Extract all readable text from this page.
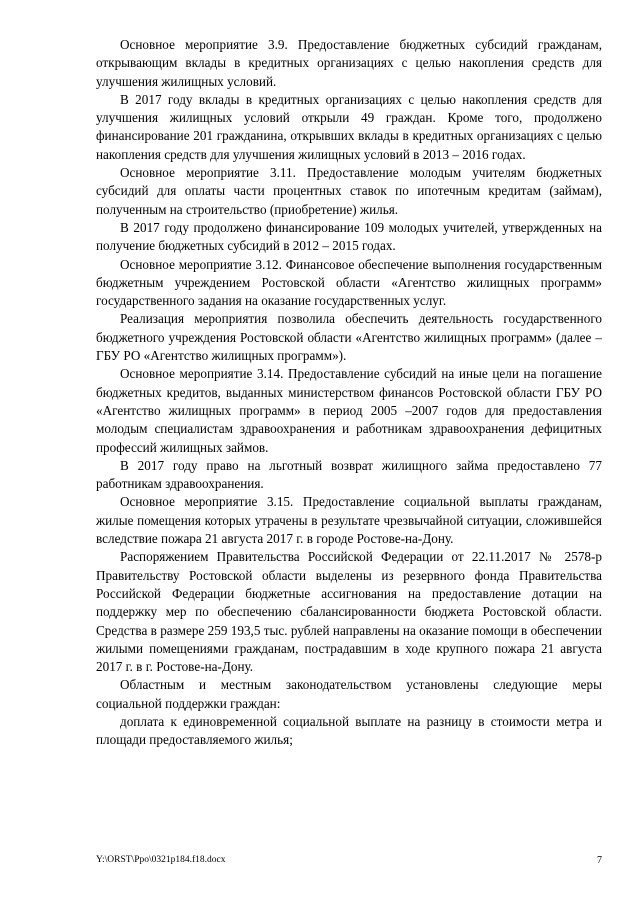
Основное мероприятие 3.9. Предоставление бюджетных субсидий гражданам, открывающим вклады в кредитных организациях с целью накопления средств для улучшения жилищных условий.

В 2017 году вклады в кредитных организациях с целью накопления средств для улучшения жилищных условий открыли 49 граждан. Кроме того, продолжено финансирование 201 гражданина, открывших вклады в кредитных организациях с целью накопления средств для улучшения жилищных условий в 2013 – 2016 годах.

Основное мероприятие 3.11. Предоставление молодым учителям бюджетных субсидий для оплаты части процентных ставок по ипотечным кредитам (займам), полученным на строительство (приобретение) жилья.

В 2017 году продолжено финансирование 109 молодых учителей, утвержденных на получение бюджетных субсидий в 2012 – 2015 годах.

Основное мероприятие 3.12. Финансовое обеспечение выполнения государственным бюджетным учреждением Ростовской области «Агентство жилищных программ» государственного задания на оказание государственных услуг.

Реализация мероприятия позволила обеспечить деятельность государственного бюджетного учреждения Ростовской области «Агентство жилищных программ» (далее – ГБУ РО «Агентство жилищных программ»).

Основное мероприятие 3.14. Предоставление субсидий на иные цели на погашение бюджетных кредитов, выданных министерством финансов Ростовской области ГБУ РО «Агентство жилищных программ» в период 2005 –2007 годов для предоставления молодым специалистам здравоохранения и работникам здравоохранения дефицитных профессий жилищных займов.

В 2017 году право на льготный возврат жилищного займа предоставлено 77 работникам здравоохранения.

Основное мероприятие 3.15. Предоставление социальной выплаты гражданам, жилые помещения которых утрачены в результате чрезвычайной ситуации, сложившейся вследствие пожара 21 августа 2017 г. в городе Ростове-на-Дону.

Распоряжением Правительства Российской Федерации от 22.11.2017 № 2578-р Правительству Ростовской области выделены из резервного фонда Правительства Российской Федерации бюджетные ассигнования на предоставление дотации на поддержку мер по обеспечению сбалансированности бюджета Ростовской области. Средства в размере 259 193,5 тыс. рублей направлены на оказание помощи в обеспечении жилыми помещениями гражданам, пострадавшим в ходе крупного пожара 21 августа 2017 г. в г. Ростове-на-Дону.

Областным и местным законодательством установлены следующие меры социальной поддержки граждан:

доплата к единовременной социальной выплате на разницу в стоимости метра и площади предоставляемого жилья;

Y:\ORST\Ppo\0321p184.f18.docx	7
